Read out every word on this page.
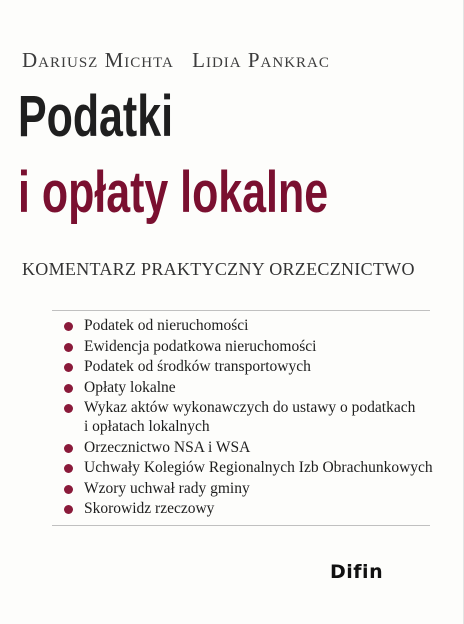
Dariusz Michta Lidia Pankrac
Podatki
i opłaty lokalne
KOMENTARZ PRAKTYCZNY ORZECZNICTWO
Podatek od nieruchomości
Ewidencja podatkowa nieruchomości
Podatek od środków transportowych
Opłaty lokalne
Wykaz aktów wykonawczych do ustawy o podatkach
i opłatach lokalnych
Orzecznictwo NSA i WSA
Uchwały Kolegiów Regionalnych Izb Obrachunkowych
Wzory uchwał rady gminy
Skorowidz rzeczowy
Difin
